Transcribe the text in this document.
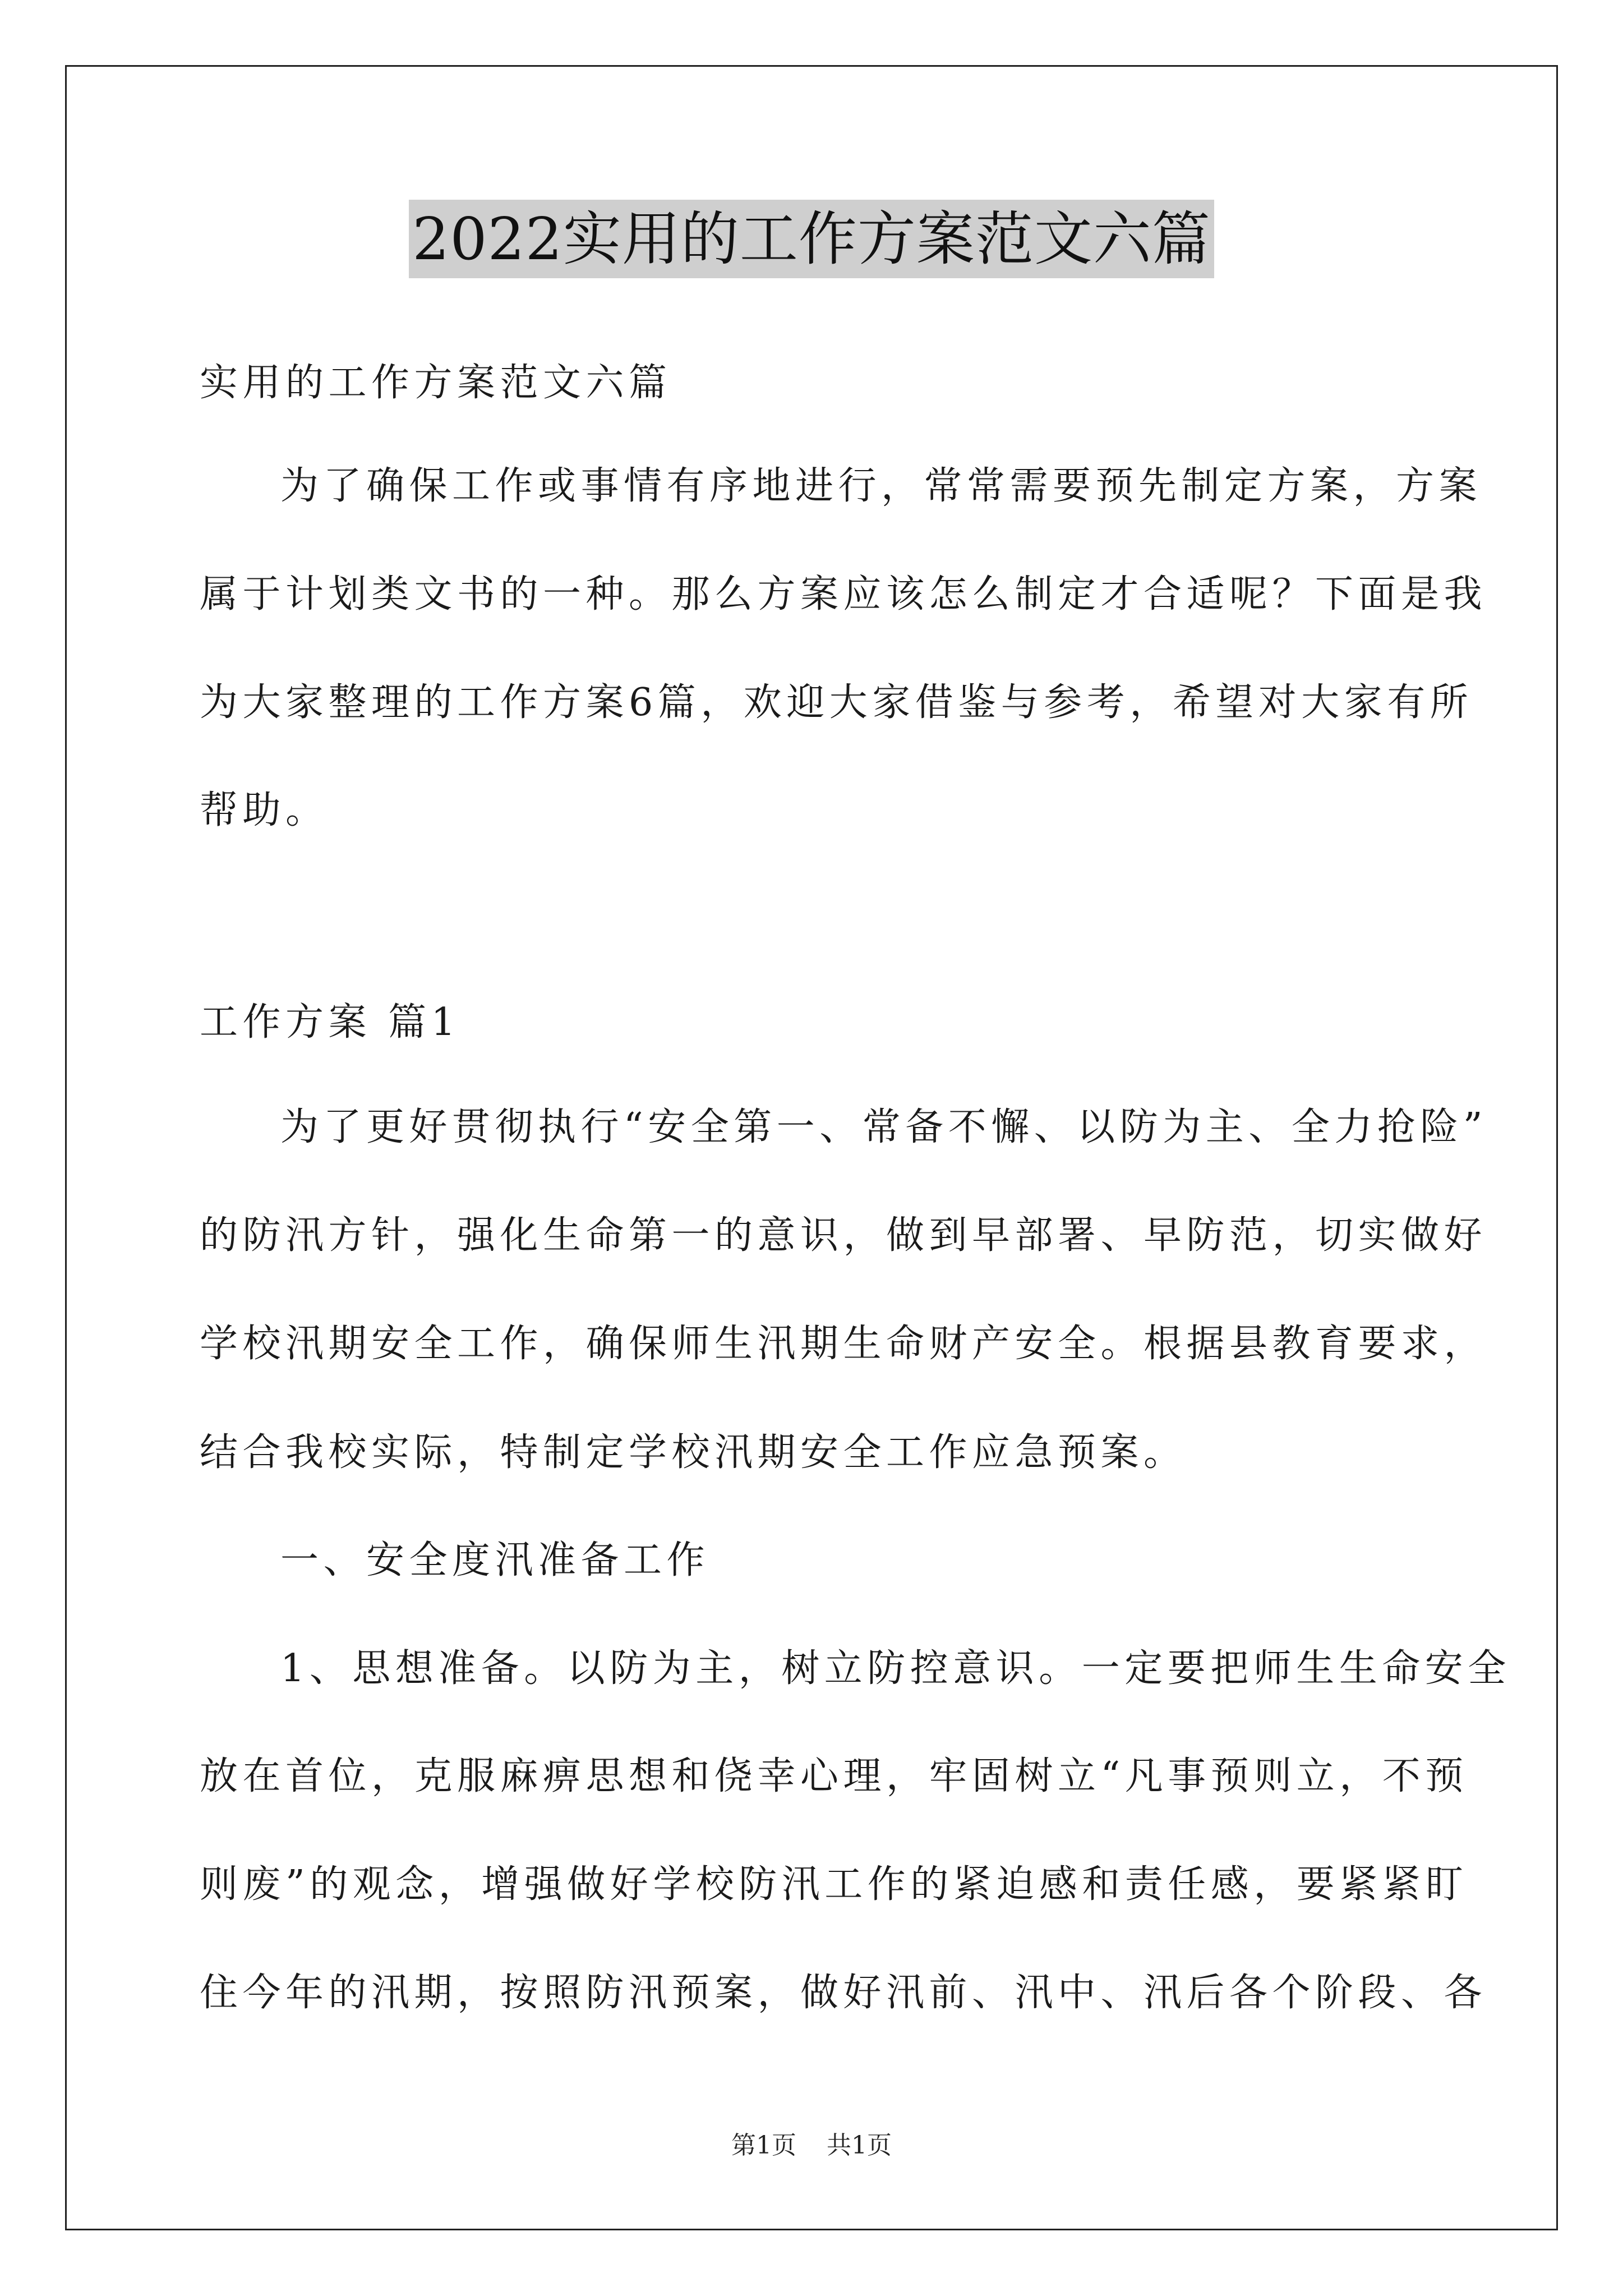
2022实用的工作方案范文六篇
实用的工作方案范文六篇
为了确保工作或事情有序地进行，常常需要预先制定方案，方案
属于计划类文书的一种。那么方案应该怎么制定才合适呢？下面是我
为大家整理的工作方案6篇，欢迎大家借鉴与参考，希望对大家有所
帮助。
工作方案 篇1
为了更好贯彻执行“安全第一、常备不懈、以防为主、全力抢险”
的防汛方针，强化生命第一的意识，做到早部署、早防范，切实做好
学校汛期安全工作，确保师生汛期生命财产安全。根据县教育要求，
结合我校实际，特制定学校汛期安全工作应急预案。
一、安全度汛准备工作
1、思想准备。以防为主，树立防控意识。一定要把师生生命安全
放在首位，克服麻痹思想和侥幸心理，牢固树立“凡事预则立，不预
则废”的观念，增强做好学校防汛工作的紧迫感和责任感，要紧紧盯
住今年的汛期，按照防汛预案，做好汛前、汛中、汛后各个阶段、各
第1页 共1页
